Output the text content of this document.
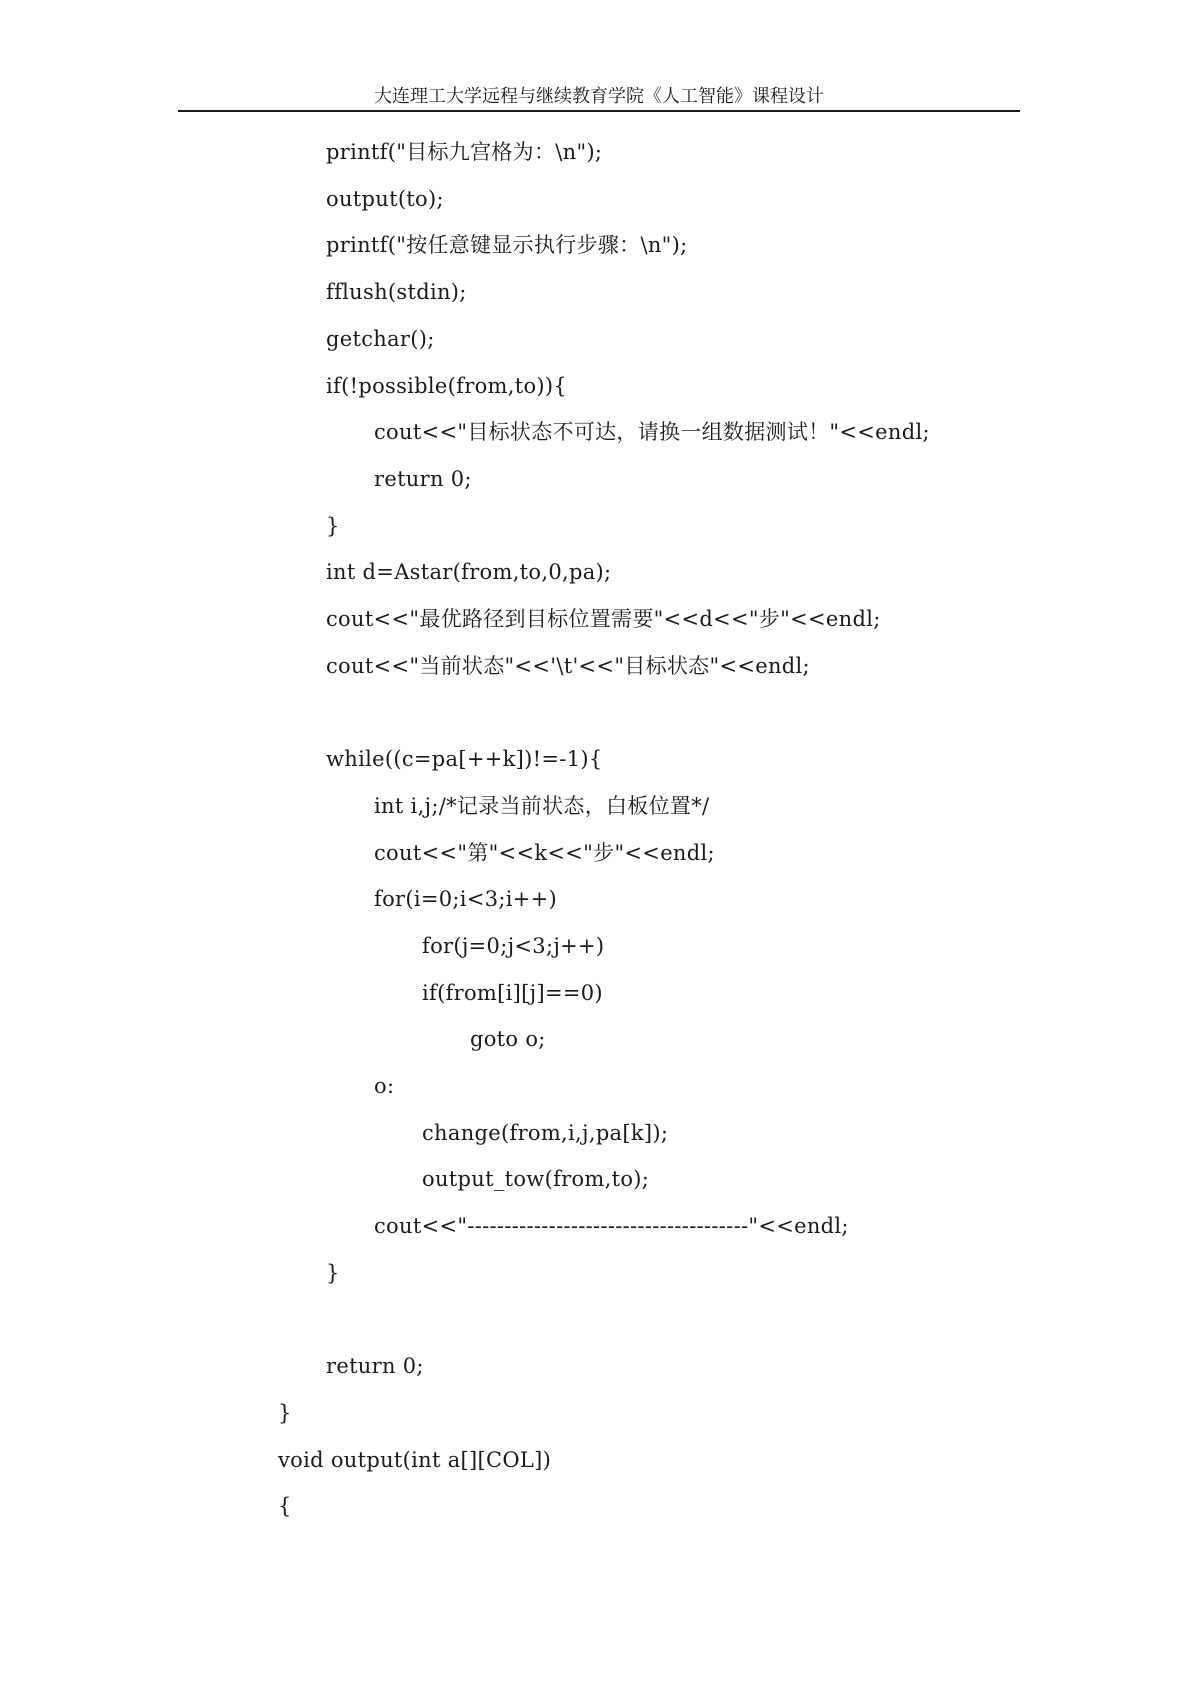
大连理工大学远程与继续教育学院《人工智能》课程设计
printf("目标九宫格为：\n");
output(to);
printf("按任意键显示执行步骤：\n");
fflush(stdin);
getchar();
if(!possible(from,to)){
cout<<"目标状态不可达，请换一组数据测试！"<<endl;
return 0;
}
int d=Astar(from,to,0,pa);
cout<<"最优路径到目标位置需要"<<d<<"步"<<endl;
cout<<"当前状态"<<'\t'<<"目标状态"<<endl;
while((c=pa[++k])!=-1){
int i,j;/*记录当前状态，白板位置*/
cout<<"第"<<k<<"步"<<endl;
for(i=0;i<3;i++)
for(j=0;j<3;j++)
if(from[i][j]==0)
goto o;
o:
change(from,i,j,pa[k]);
output_tow(from,to);
cout<<"--------------------------------------"<<endl;
}
return 0;
}
void output(int a[][COL])
{
